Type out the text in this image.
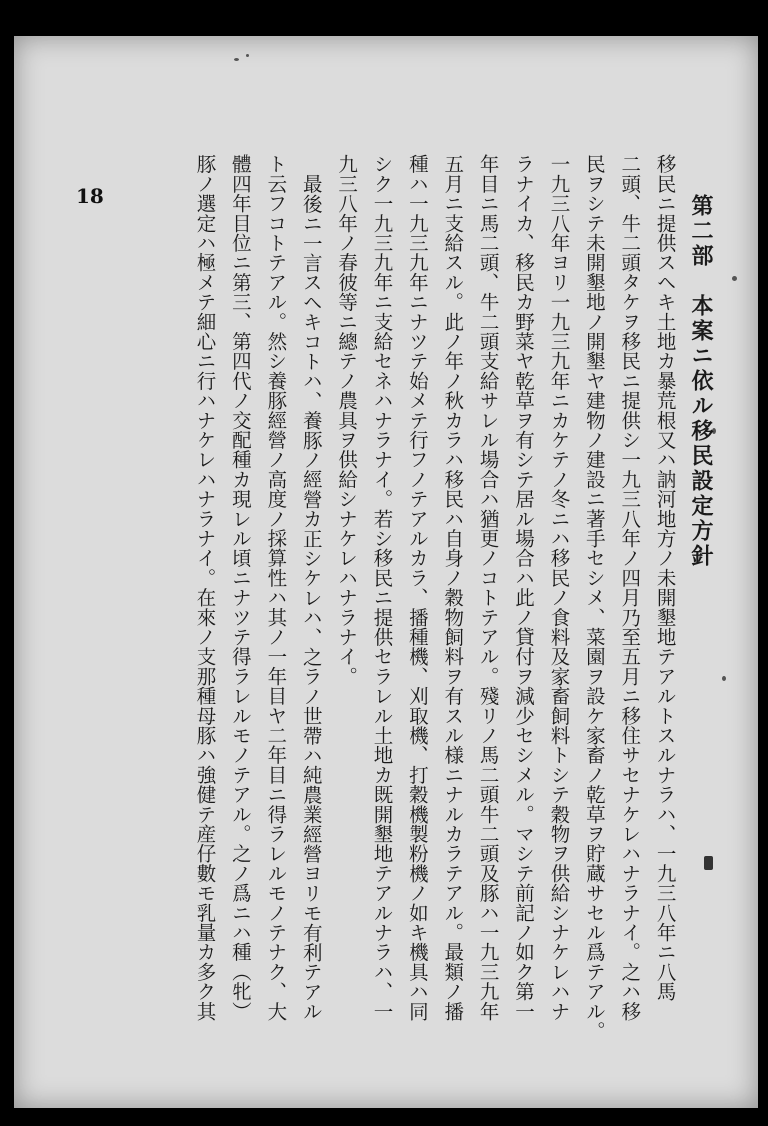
18	第二部　本案ニ依ル移民設定方針
移民ニ提供スヘキ土地カ暴荒根又ハ訥河地方ノ未開墾地テアルトスルナラハ、一九三八年ニ八馬
二頭、牛二頭タケヲ移民ニ提供シ一九三八年ノ四月乃至五月ニ移住サセナケレハナラナイ。之ハ移
民ヲシテ未開墾地ノ開墾ヤ建物ノ建設ニ著手セシメ、菜園ヲ設ケ家畜ノ乾草ヲ貯蔵サセル爲テアル。
一九三八年ヨリ一九三九年ニカケテノ冬ニハ移民ノ食料及家畜飼料トシテ穀物ヲ供給シナケレハナ
ラナイカ、移民カ野菜ヤ乾草ヲ有シテ居ル場合ハ此ノ貸付ヲ減少セシメル。マシテ前記ノ如ク第一
年目ニ馬二頭、牛二頭支給サレル場合ハ猶更ノコトテアル。殘リノ馬二頭牛二頭及豚ハ一九三九年
五月ニ支給スル。此ノ年ノ秋カラハ移民ハ自身ノ穀物飼料ヲ有スル様ニナルカラテアル。最類ノ播
種ハ一九三九年ニナツテ始メテ行フノテアルカラ、播種機、刈取機、打穀機製粉機ノ如キ機具ハ同
シク一九三九年ニ支給セネハナラナイ。若シ移民ニ提供セラレル土地カ既開墾地テアルナラハ、一
九三八年ノ春彼等ニ總テノ農具ヲ供給シナケレハナラナイ。
最後ニ一言スヘキコトハ、養豚ノ經營カ正シケレハ、之ラノ世帶ハ純農業經營ヨリモ有利テアル
ト云フコトテアル。然シ養豚經營ノ高度ノ採算性ハ其ノ一年目ヤ二年目ニ得ラレルモノテナク、大
體四年目位ニ第三、第四代ノ交配種カ現レル頃ニナツテ得ラレルモノテアル。之ノ爲ニハ種（牝）
豚ノ選定ハ極メテ細心ニ行ハナケレハナラナイ。在來ノ支那種母豚ハ強健テ産仔數モ乳量カ多ク其
